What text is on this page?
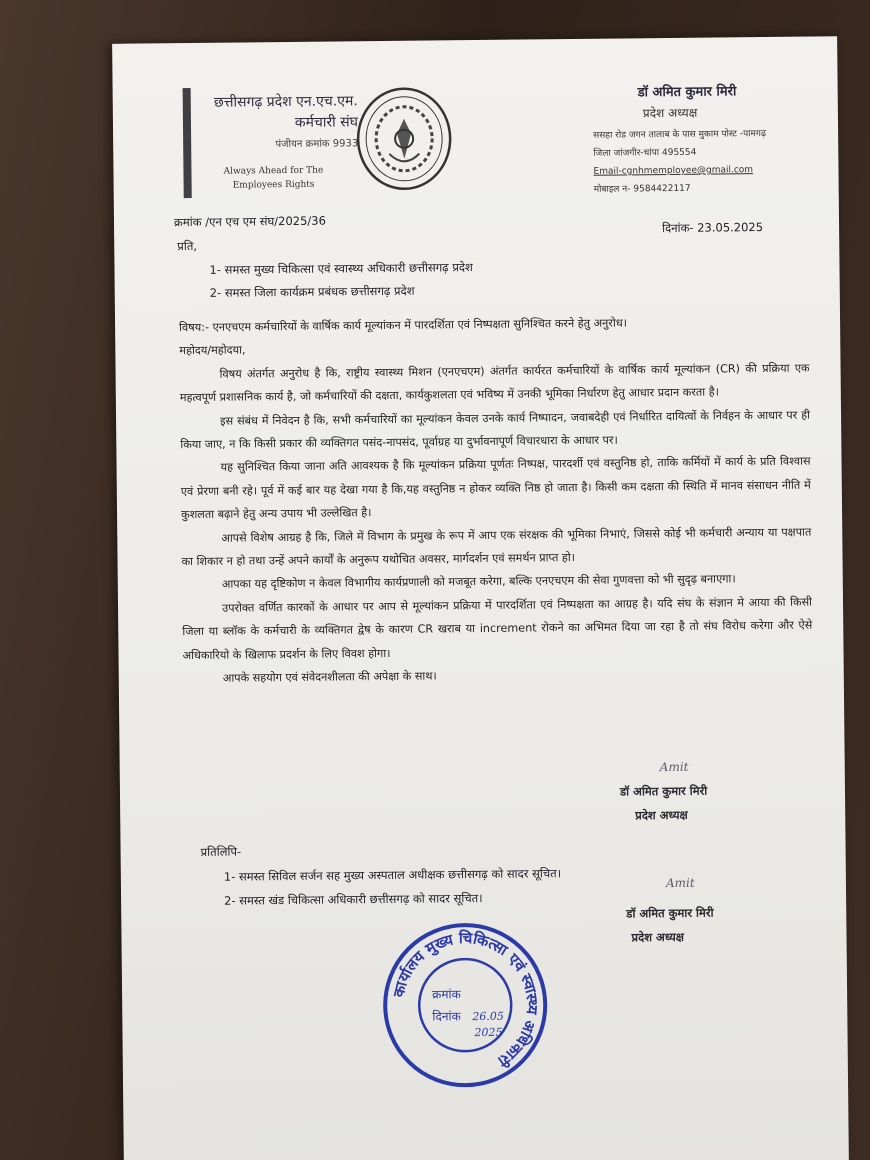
छत्तीसगढ़ प्रदेश एन.एच.एम.
कर्मचारी संघ
पंजीयन क्रमांक 9933
Always Ahead for The
Employees Rights
डॉ अमित कुमार मिरी
प्रदेश अध्यक्ष
ससहा रोड जगन तालाब के पास मुकाम पोस्ट -पामगढ़
जिला जांजगीर-चांपा 495554
Email-cgnhmemployee@gmail.com
मोबाइल न- 9584422117
क्रमांक /एन एच एम संघ/2025/36	दिनांक- 23.05.2025
प्रति,
1- समस्त मुख्य चिकित्सा एवं स्वास्थ्य अधिकारी छत्तीसगढ़ प्रदेश
2- समस्त जिला कार्यक्रम प्रबंधक छत्तीसगढ़ प्रदेश

विषय:- एनएचएम कर्मचारियों के वार्षिक कार्य मूल्यांकन में पारदर्शिता एवं निष्पक्षता सुनिश्चित करने हेतु अनुरोध।

महोदय/महोदया,

विषय अंतर्गत अनुरोध है कि, राष्ट्रीय स्वास्थ्य मिशन (एनएचएम) अंतर्गत कार्यरत कर्मचारियों के वार्षिक कार्य मूल्यांकन (CR) की प्रक्रिया एक महत्वपूर्ण प्रशासनिक कार्य है, जो कर्मचारियों की दक्षता, कार्यकुशलता एवं भविष्य में उनकी भूमिका निर्धारण हेतु आधार प्रदान करता है।

इस संबंध में निवेदन है कि, सभी कर्मचारियों का मूल्यांकन केवल उनके कार्य निष्पादन, जवाबदेही एवं निर्धारित दायित्वों के निर्वहन के आधार पर ही किया जाए, न कि किसी प्रकार की व्यक्तिगत पसंद-नापसंद, पूर्वाग्रह या दुर्भावनापूर्ण विचारधारा के आधार पर।

यह सुनिश्चित किया जाना अति आवश्यक है कि मूल्यांकन प्रक्रिया पूर्णतः निष्पक्ष, पारदर्शी एवं वस्तुनिष्ठ हो, ताकि कर्मियों में कार्य के प्रति विश्वास एवं प्रेरणा बनी रहे। पूर्व में कई बार यह देखा गया है कि,यह वस्तुनिष्ठ न होकर व्यक्ति निष्ठ हो जाता है। किसी कम दक्षता की स्थिति में मानव संसाधन नीति में कुशलता बढ़ाने हेतु अन्य उपाय भी उल्लेखित है।

आपसे विशेष आग्रह है कि, जिले में विभाग के प्रमुख के रूप में आप एक संरक्षक की भूमिका निभाएं, जिससे कोई भी कर्मचारी अन्याय या पक्षपात का शिकार न हो तथा उन्हें अपने कार्यों के अनुरूप यथोचित अवसर, मार्गदर्शन एवं समर्थन प्राप्त हो।

आपका यह दृष्टिकोण न केवल विभागीय कार्यप्रणाली को मजबूत करेगा, बल्कि एनएचएम की सेवा गुणवत्ता को भी सुदृढ़ बनाएगा।

उपरोक्त वर्णित कारकों के आधार पर आप से मूल्यांकन प्रक्रिया में पारदर्शिता एवं निष्पक्षता का आग्रह है। यदि संघ के संज्ञान मे आया की किसी जिला या ब्लॉक के कर्मचारी के व्यक्तिगत द्वेष के कारण CR खराब या increment रोकने का अभिमत दिया जा रहा है तो संघ विरोध करेगा और ऐसे अधिकारियो के खिलाफ प्रदर्शन के लिए विवश होगा।

आपके सहयोग एवं संवेदनशीलता की अपेक्षा के साथ।

Amit
डॉ अमित कुमार मिरी
प्रदेश अध्यक्ष
प्रतिलिपि-
1- समस्त सिविल सर्जन सह मुख्य अस्पताल अधीक्षक छत्तीसगढ़ को सादर सूचित।
2- समस्त खंड चिकित्सा अधिकारी छत्तीसगढ़ को सादर सूचित।
Amit
डॉ अमित कुमार मिरी
प्रदेश अध्यक्ष
कार्यालय मुख्य चिकित्सा एवं स्वास्थ्य अधिकारी
क्रमांक
दिनांक 26.05
2025
